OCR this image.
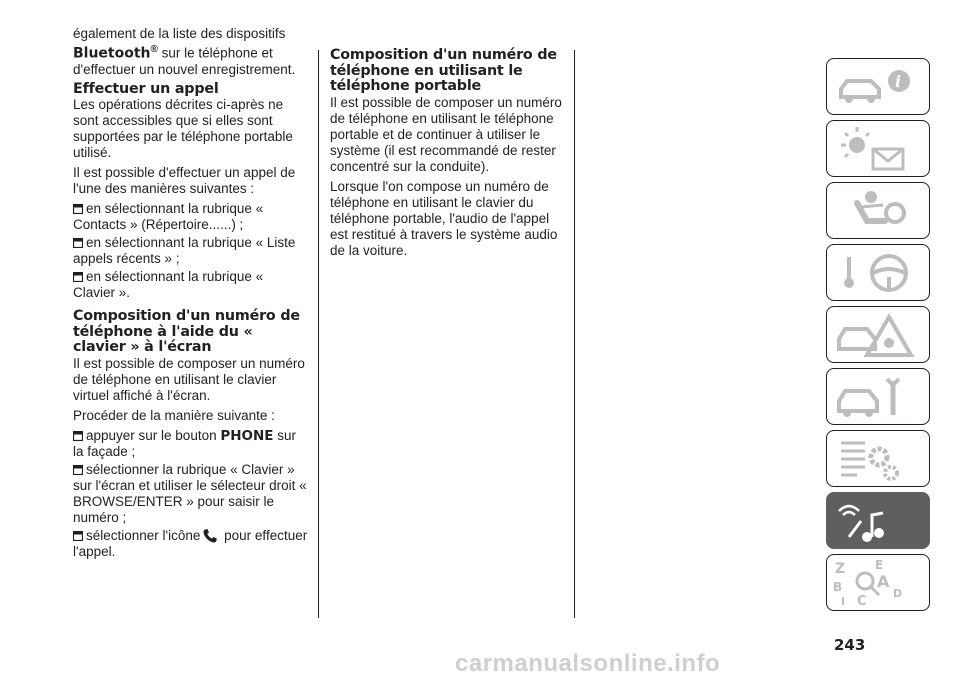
également de la liste des dispositifs
Bluetooth® sur le téléphone et
d'effectuer un nouvel enregistrement.

Effectuer un appel

Les opérations décrites ci-après ne sont accessibles que si elles sont supportées par le téléphone portable utilisé.

Il est possible d'effectuer un appel de l'une des manières suivantes :

en sélectionnant la rubrique « Contacts » (Répertoire......) ;
en sélectionnant la rubrique « Liste appels récents » ;
en sélectionnant la rubrique « Clavier ».
Composition d'un numéro de téléphone à l'aide du « clavier » à l'écran

Il est possible de composer un numéro de téléphone en utilisant le clavier virtuel affiché à l'écran.

Procéder de la manière suivante :

appuyer sur le bouton PHONE sur la façade ;
sélectionner la rubrique « Clavier » sur l'écran et utiliser le sélecteur droit « BROWSE/ENTER » pour saisir le numéro ;
sélectionner l'icône pour effectuer l'appel.
Composition d'un numéro de téléphone en utilisant le téléphone portable

Il est possible de composer un numéro de téléphone en utilisant le téléphone portable et de continuer à utiliser le système (il est recommandé de rester concentré sur la conduite).

Lorsque l'on compose un numéro de téléphone en utilisant le clavier du téléphone portable, l'audio de l'appel est restitué à travers le système audio de la voiture.

i
Z E
A
B
C
D
I
243
carmanualsonline.info
